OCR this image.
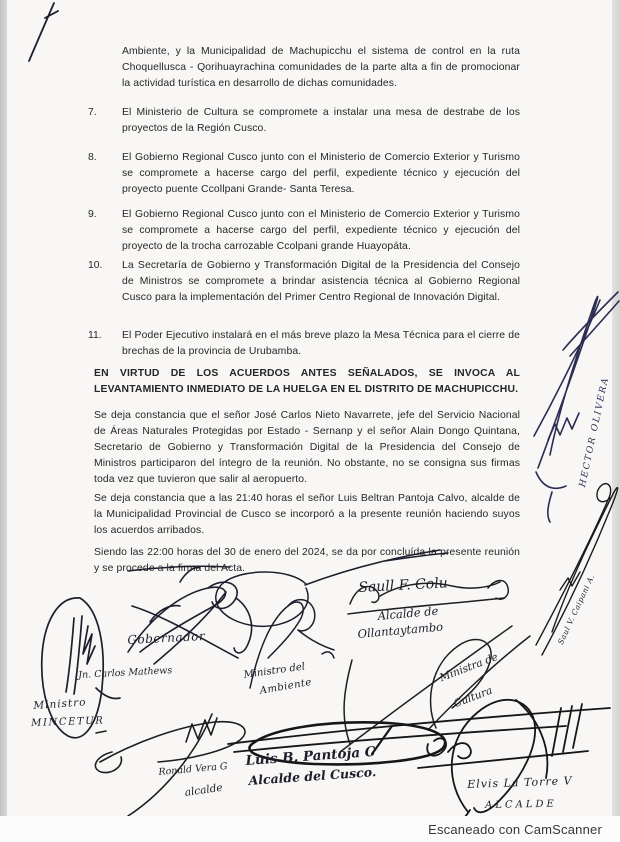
Ambiente, y la Municipalidad de Machupicchu el sistema de control en la ruta Choquellusca - Qorihuayrachina comunidades de la parte alta a fin de promocionar la actividad turística en desarrollo de dichas comunidades.

7.	El Ministerio de Cultura se compromete a instalar una mesa de destrabe de los proyectos de la Región Cusco.

8.	El Gobierno Regional Cusco junto con el Ministerio de Comercio Exterior y Turismo se compromete a hacerse cargo del perfil, expediente técnico y ejecución del proyecto puente Ccollpani Grande- Santa Teresa.

9.	El Gobierno Regional Cusco junto con el Ministerio de Comercio Exterior y Turismo se compromete a hacerse cargo del perfil, expediente técnico y ejecución del proyecto de la trocha carrozable Ccolpani grande Huayopáta.

10.	La Secretaría de Gobierno y Transformación Digital de la Presidencia del Consejo de Ministros se compromete a brindar asistencia técnica al Gobierno Regional Cusco para la implementación del Primer Centro Regional de Innovación Digital.

11.	El Poder Ejecutivo instalará en el más breve plazo la Mesa Técnica para el cierre de brechas de la provincia de Urubamba.

EN VIRTUD DE LOS ACUERDOS ANTES SEÑALADOS, SE INVOCA AL LEVANTAMIENTO INMEDIATO DE LA HUELGA EN EL DISTRITO DE MACHUPICCHU.

Se deja constancia que el señor José Carlos Nieto Navarrete, jefe del Servicio Nacional de Áreas Naturales Protegidas por Estado - Sernanp y el señor Alain Dongo Quintana, Secretario de Gobierno y Transformación Digital de la Presidencia del Consejo de Ministros participaron del íntegro de la reunión. No obstante, no se consigna sus firmas toda vez que tuvieron que salir al aeropuerto.

Se deja constancia que a las 21:40 horas el señor Luis Beltran Pantoja Calvo, alcalde de la Municipalidad Provincial de Cusco se incorporó a la presente reunión haciendo suyos los acuerdos arribados.

Siendo las 22:00 horas del 30 de enero del 2024, se da por concluída la presente reunión y se procede a la firma del Acta.

HECTOR OLIVERA
Saul V. Caipani A.
Jn. Carlos Mathews
Ministro
MINCETUR
Gobernador
Ministro del
Ambiente
Saull F. Colu
Alcalde de
Ollantaytambo
Ministra de
Cultura
Ronald Vera G
alcalde
Luis B. Pantoja C
Alcalde del Cusco.	Elvis La Torre V
ALCALDE
Escaneado con CamScanner
